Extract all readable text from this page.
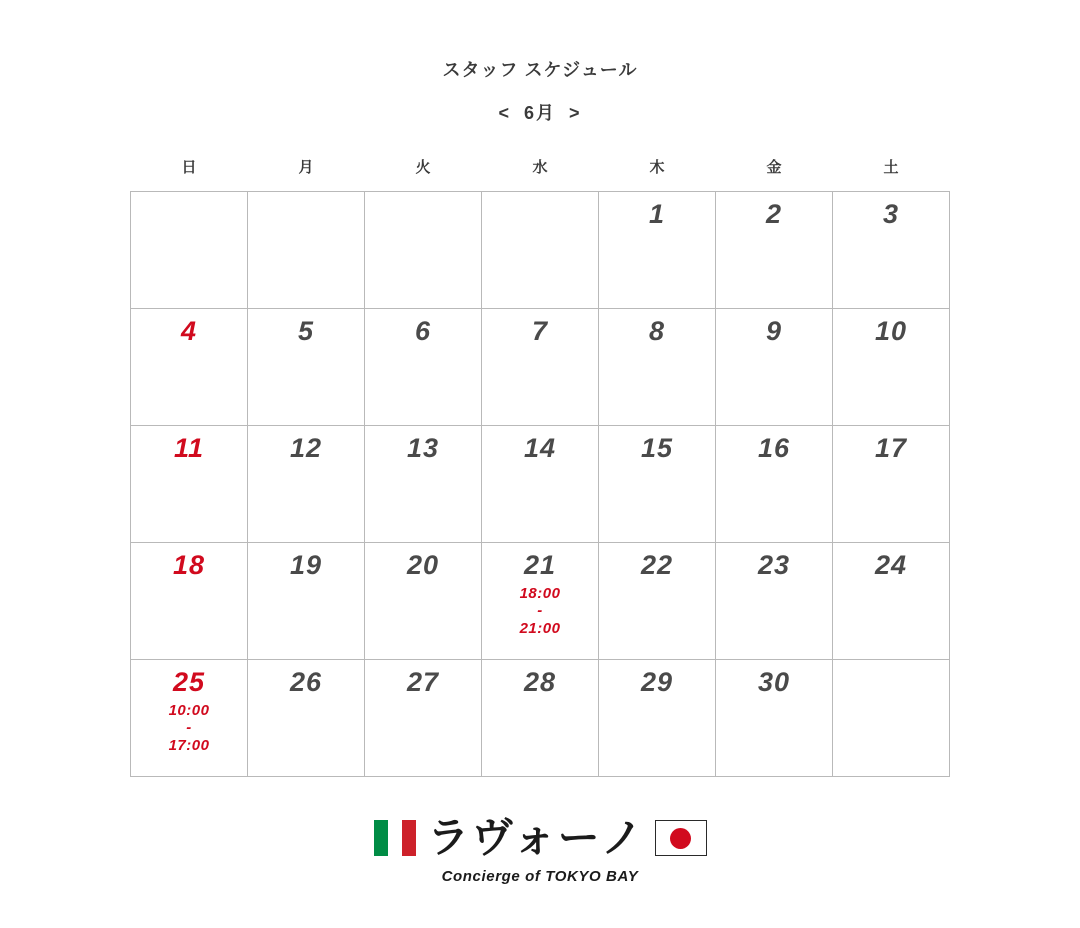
スタッフ スケジュール
< 6月 >
日	月	火	水	木	金	土

				1	2	3

4	5	6	7	8	9	10

11	12	13	14	15	16	17

18	19	20	21
18:00
-
21:00	22	23	24

25
10:00
-
17:00	26	27	28	29	30	

ラヴォーノ
Concierge of TOKYO BAY
